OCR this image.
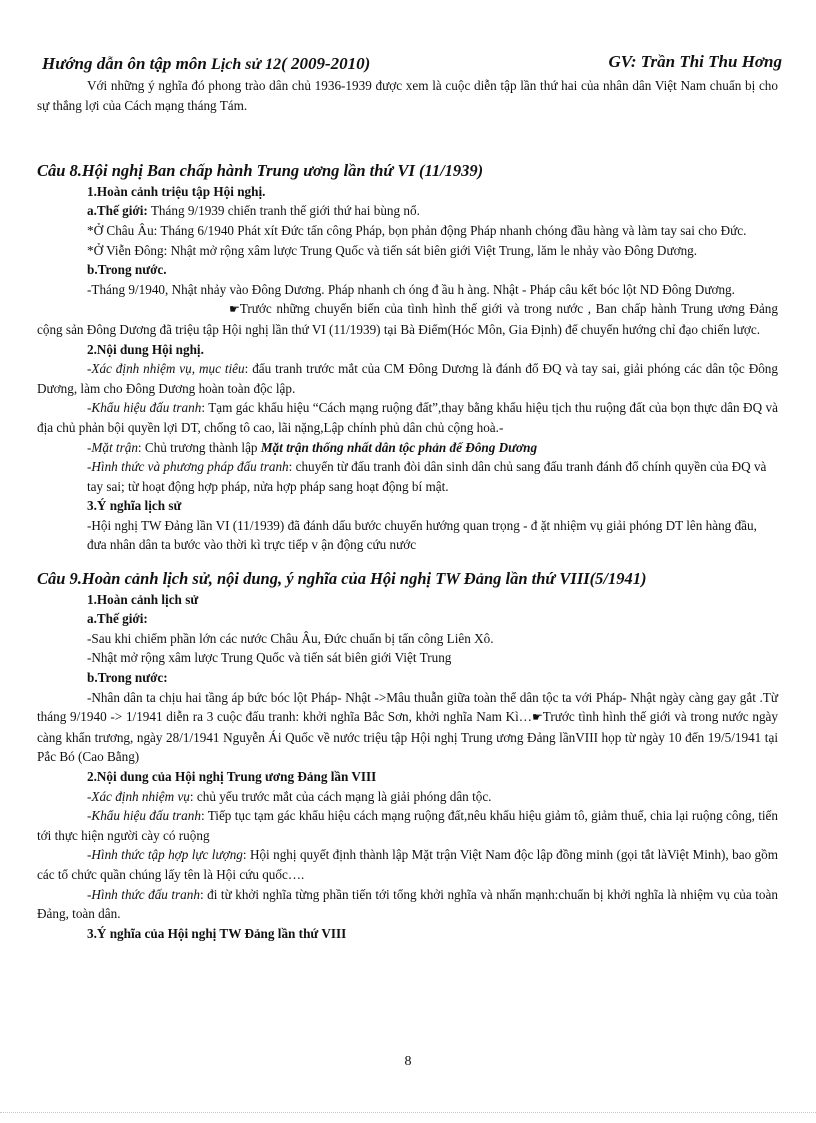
Hướng dẫn ôn tập môn Lịch sử 12( 2009-2010)	GV: Trần Thi Thu Hơng

Với những ý nghĩa đó phong trào dân chủ 1936-1939 được xem là cuộc diễn tập lần thứ hai của nhân dân Việt Nam chuẩn bị cho sự thắng lợi của Cách mạng tháng Tám.

Câu 8.Hội nghị Ban chấp hành Trung ương lần thứ VI (11/1939)

1.Hoàn cảnh triệu tập Hội nghị.

a.Thế giới: Tháng 9/1939 chiến tranh thế giới thứ hai bùng nổ.

*Ở Châu Âu: Tháng 6/1940 Phát xít Đức tấn công Pháp, bọn phản động Pháp nhanh chóng đầu hàng và làm tay sai cho Đức.

*Ở Viễn Đông: Nhật mở rộng xâm lược Trung Quốc và tiến sát biên giới Việt Trung, lăm le nhảy vào Đông Dương.

b.Trong nước.

-Tháng 9/1940, Nhật nhảy vào Đông Dương. Pháp nhanh ch óng đ ầu h àng. Nhật - Pháp câu kết bóc lột ND Đông Dương.

☛Trước những chuyển biến của tình hình thế giới và trong nước , Ban chấp hành Trung ương Đảng cộng sản Đông Dương đã triệu tập Hội nghị lần thứ VI (11/1939) tại Bà Điểm(Hóc Môn, Gia Định) để chuyển hướng chỉ đạo chiến lược.

2.Nội dung Hội nghị.

-Xác định nhiệm vụ, mục tiêu: đấu tranh trước mắt của CM Đông Dương là đánh đổ ĐQ và tay sai, giải phóng các dân tộc Đông Dương, làm cho Đông Dương hoàn toàn độc lập.

-Khẩu hiệu đấu tranh: Tạm gác khẩu hiệu “Cách mạng ruộng đất”,thay bằng khẩu hiệu tịch thu ruộng đất của bọn thực dân ĐQ và địa chủ phản bội quyền lợi DT, chống tô cao, lãi nặng,Lập chính phủ dân chủ cộng hoà.-

-Mặt trận: Chủ trương thành lập Mặt trận thống nhất dân tộc phản đế Đông Dương

-Hình thức và phương pháp đấu tranh: chuyển từ đấu tranh đòi dân sinh dân chủ sang đấu tranh đánh đổ chính quyền của ĐQ và tay sai; từ hoạt động hợp pháp, nửa hợp pháp sang hoạt động bí mật.

3.Ý nghĩa lịch sử

-Hội nghị TW Đảng lần VI (11/1939) đã đánh dấu bước chuyển hướng quan trọng - đ ặt nhiệm vụ giải phóng DT lên hàng đầu, đưa nhân dân ta bước vào thời kì trực tiếp v ận động cứu nước

Câu 9.Hoàn cảnh lịch sử, nội dung, ý nghĩa của Hội nghị TW Đảng lần thứ VIII(5/1941)

1.Hoàn cảnh lịch sử

a.Thế giới:

-Sau khi chiếm phần lớn các nước Châu Âu, Đức chuẩn bị tấn công Liên Xô.

-Nhật mở rộng xâm lược Trung Quốc và tiến sát biên giới Việt Trung

b.Trong nước:

-Nhân dân ta chịu hai tầng áp bức bóc lột Pháp- Nhật ->Mâu thuẫn giữa toàn thể dân tộc ta với Pháp- Nhật ngày càng gay gắt .Từ tháng 9/1940 -> 1/1941 diễn ra 3 cuộc đấu tranh: khởi nghĩa Bắc Sơn, khởi nghĩa Nam Kì…☛Trước tình hình thế giới và trong nước ngày càng khẩn trương, ngày 28/1/1941 Nguyễn Ái Quốc về nước triệu tập Hội nghị Trung ương Đảng lầnVIII họp từ ngày 10 đến 19/5/1941 tại Pắc Bó (Cao Bằng)

2.Nội dung của Hội nghị Trung ương Đảng lần VIII

-Xác định nhiệm vụ: chủ yếu trước mắt của cách mạng là giải phóng dân tộc.

-Khẩu hiệu đấu tranh: Tiếp tục tạm gác khẩu hiệu cách mạng ruộng đất,nêu khẩu hiệu giảm tô, giảm thuế, chia lại ruộng công, tiến tới thực hiện người cày có ruộng

-Hình thức tập hợp lực lượng: Hội nghị quyết định thành lập Mặt trận Việt Nam độc lập đồng minh (gọi tắt làViệt Minh), bao gồm các tổ chức quần chúng lấy tên là Hội cứu quốc….

-Hình thức đấu tranh: đi từ khởi nghĩa từng phần tiến tới tổng khởi nghĩa và nhấn mạnh:chuẩn bị khởi nghĩa là nhiệm vụ của toàn Đảng, toàn dân.

3.Ý nghĩa của Hội nghị TW Đảng lần thứ VIII

8
